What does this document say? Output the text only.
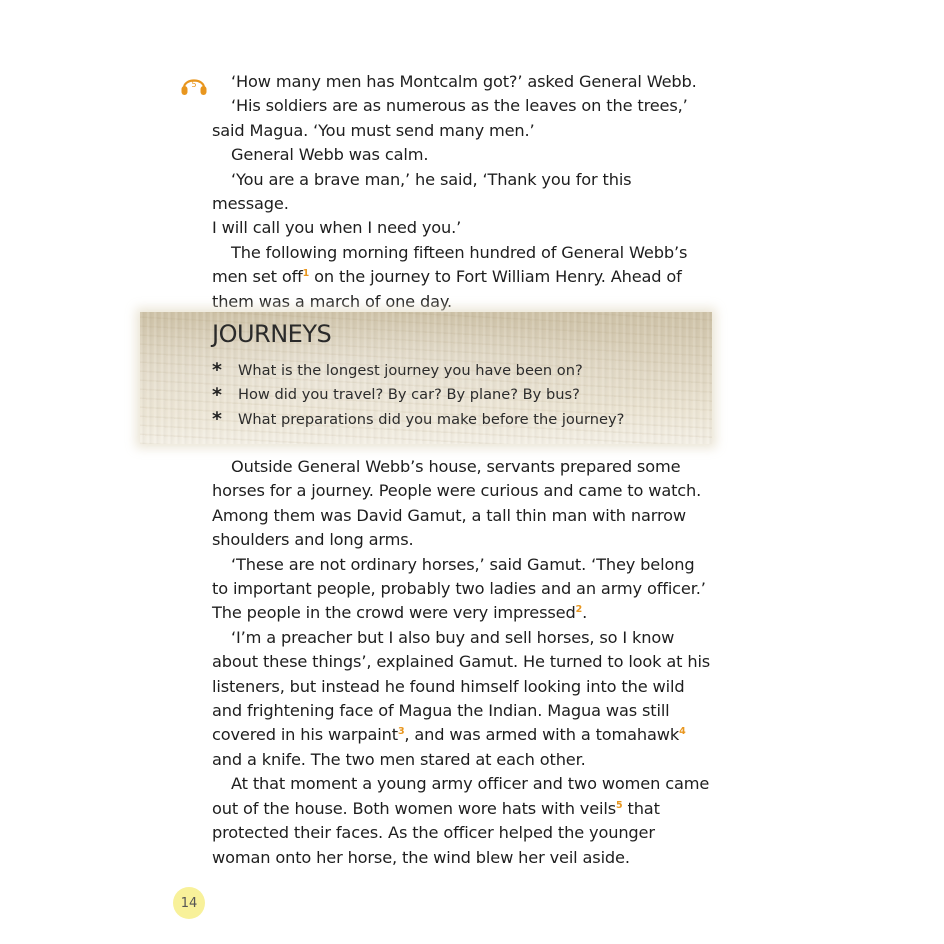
5	‘How many men has Montcalm got?’ asked General Webb.

‘His soldiers are as numerous as the leaves on the trees,’ said Magua. ‘You must send many men.’

General Webb was calm.

‘You are a brave man,’ he said, ‘Thank you for this message.

I will call you when I need you.’

The following morning fifteen hundred of General Webb’s men set off$^1$ on the journey to Fort William Henry. Ahead of them was a march of one day.

JOURNEYS
*	What is the longest journey you have been on?
*	How did you travel? By car? By plane? By bus?
*	What preparations did you make before the journey?

Outside General Webb’s house, servants prepared some horses for a journey. People were curious and came to watch. Among them was David Gamut, a tall thin man with narrow shoulders and long arms.

‘These are not ordinary horses,’ said Gamut. ‘They belong to important people, probably two ladies and an army officer.’

The people in the crowd were very impressed$^2$.

‘I’m a preacher but I also buy and sell horses, so I know about these things’, explained Gamut. He turned to look at his listeners, but instead he found himself looking into the wild and frightening face of Magua the Indian. Magua was still covered in his warpaint$^3$, and was armed with a tomahawk$^4$ and a knife. The two men stared at each other.

At that moment a young army officer and two women came out of the house. Both women wore hats with veils$^5$ that protected their faces. As the officer helped the younger woman onto her horse, the wind blew her veil aside.

14
